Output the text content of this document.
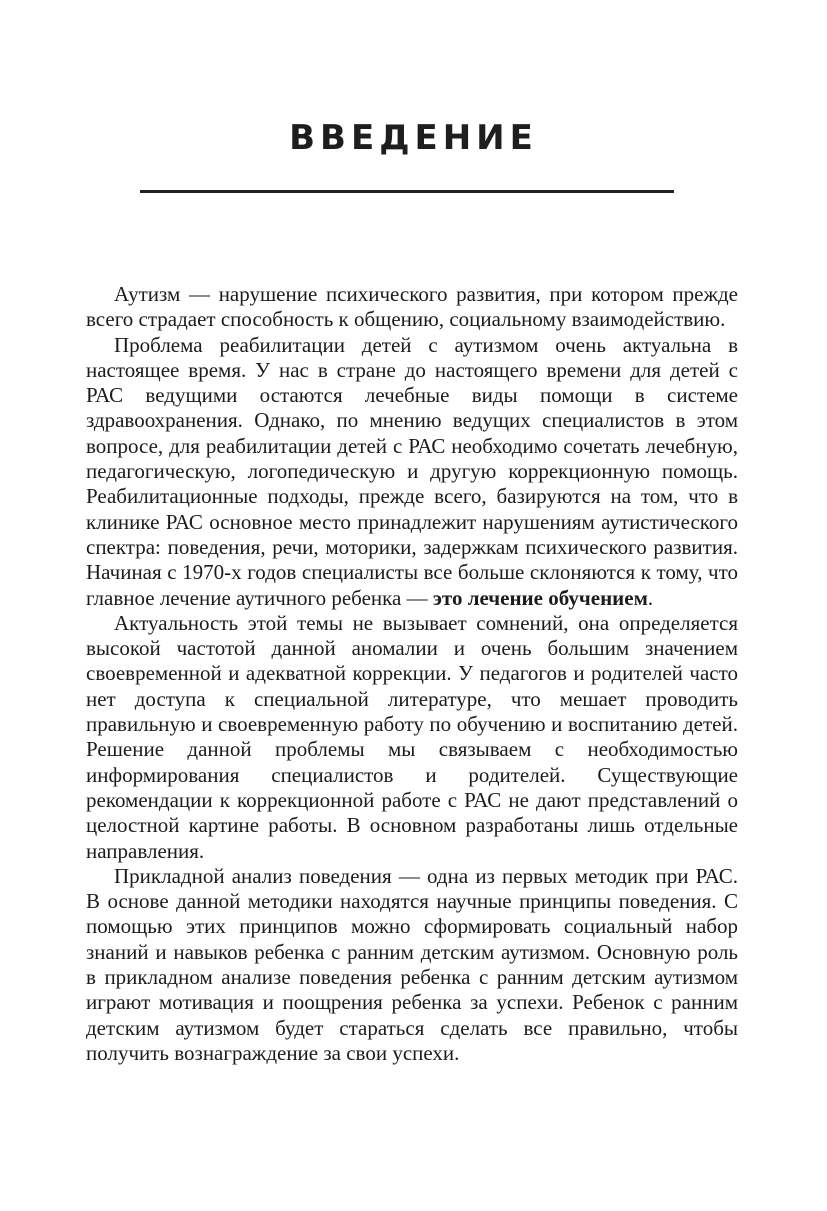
ВВЕДЕНИЕ

Аутизм — нарушение психического развития, при котором прежде всего страдает способность к общению, социальному взаимодействию.

Проблема реабилитации детей с аутизмом очень актуальна в настоящее время. У нас в стране до настоящего времени для детей с РАС ведущими остаются лечебные виды помощи в системе здравоохранения. Однако, по мнению ведущих специалистов в этом вопросе, для реабилитации детей с РАС необходимо сочетать лечебную, педагогическую, логопедическую и другую коррекционную помощь. Реабилитационные подходы, прежде всего, базируются на том, что в клинике РАС основное место принадлежит нарушениям аутистического спектра: поведения, речи, моторики, задержкам психического развития. Начиная с 1970-х годов специалисты все больше склоняются к тому, что главное лечение аутичного ребенка — это лечение обучением.

Актуальность этой темы не вызывает сомнений, она определяется высокой частотой данной аномалии и очень большим значением своевременной и адекватной коррекции. У педагогов и родителей часто нет доступа к специальной литературе, что мешает проводить правильную и своевременную работу по обучению и воспитанию детей. Решение данной проблемы мы связываем с необходимостью информирования специалистов и родителей. Существующие рекомендации к коррекционной работе с РАС не дают представлений о целостной картине работы. В основном разработаны лишь отдельные направления.

Прикладной анализ поведения — одна из первых методик при РАС. В основе данной методики находятся научные принципы поведения. С помощью этих принципов можно сформировать социальный набор знаний и навыков ребенка с ранним детским аутизмом. Основную роль в прикладном анализе поведения ребенка с ранним детским аутизмом играют мотивация и поощрения ребенка за успехи. Ребенок с ранним детским аутизмом будет стараться сделать все правильно, чтобы получить вознаграждение за свои успехи.
